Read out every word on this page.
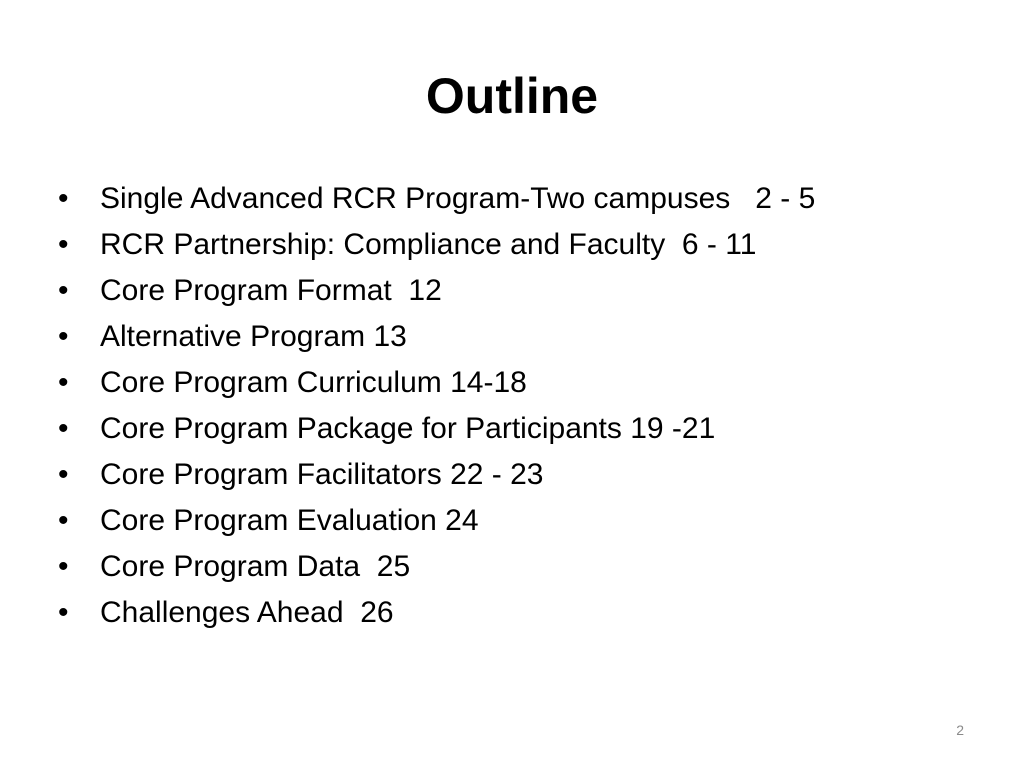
Outline
•	Single Advanced RCR Program-Two campuses   2 - 5
•	RCR Partnership: Compliance and Faculty  6 - 11
•	Core Program Format  12
•	Alternative Program 13
•	Core Program Curriculum 14-18
•	Core Program Package for Participants 19 -21
•	Core Program Facilitators 22 - 23
•	Core Program Evaluation 24
•	Core Program Data  25
•	Challenges Ahead  26
2
